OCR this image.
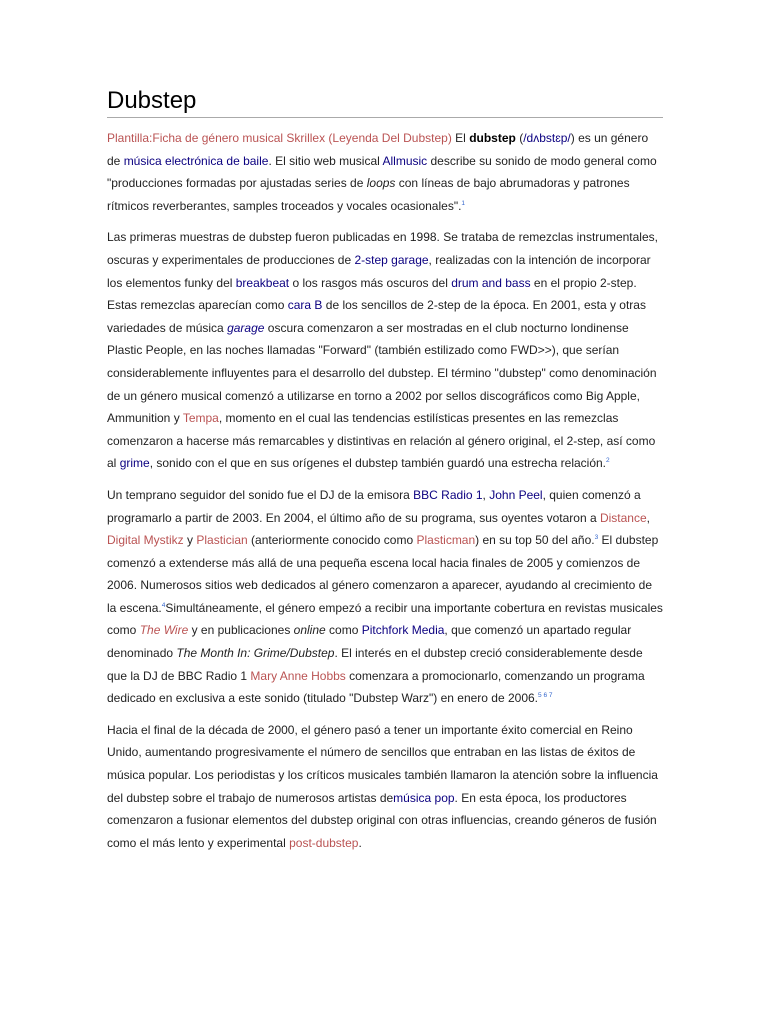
Dubstep

Plantilla:Ficha de género musical Skrillex (Leyenda Del Dubstep) El dubstep (/dʌbstɛp/) es un género de música electrónica de baile. El sitio web musical Allmusic describe su sonido de modo general como "producciones formadas por ajustadas series de loops con líneas de bajo abrumadoras y patrones rítmicos reverberantes, samples troceados y vocales ocasionales".$^1$

Las primeras muestras de dubstep fueron publicadas en 1998. Se trataba de remezclas instrumentales, oscuras y experimentales de producciones de 2-step garage, realizadas con la intención de incorporar los elementos funky del breakbeat o los rasgos más oscuros del drum and bass en el propio 2-step. Estas remezclas aparecían como cara B de los sencillos de 2-step de la época. En 2001, esta y otras variedades de música garage oscura comenzaron a ser mostradas en el club nocturno londinense Plastic People, en las noches llamadas "Forward" (también estilizado como FWD>>), que serían considerablemente influyentes para el desarrollo del dubstep. El término "dubstep" como denominación de un género musical comenzó a utilizarse en torno a 2002 por sellos discográficos como Big Apple, Ammunition y Tempa, momento en el cual las tendencias estilísticas presentes en las remezclas comenzaron a hacerse más remarcables y distintivas en relación al género original, el 2-step, así como al grime, sonido con el que en sus orígenes el dubstep también guardó una estrecha relación.$^2$

Un temprano seguidor del sonido fue el DJ de la emisora BBC Radio 1, John Peel, quien comenzó a programarlo a partir de 2003. En 2004, el último año de su programa, sus oyentes votaron a Distance, Digital Mystikz y Plastician (anteriormente conocido como Plasticman) en su top 50 del año.$^3$ El dubstep comenzó a extenderse más allá de una pequeña escena local hacia finales de 2005 y comienzos de 2006. Numerosos sitios web dedicados al género comenzaron a aparecer, ayudando al crecimiento de la escena.$^4$Simultáneamente, el género empezó a recibir una importante cobertura en revistas musicales como The Wire y en publicaciones online como Pitchfork Media, que comenzó un apartado regular denominado The Month In: Grime/Dubstep. El interés en el dubstep creció considerablemente desde que la DJ de BBC Radio 1 Mary Anne Hobbs comenzara a promocionarlo, comenzando un programa dedicado en exclusiva a este sonido (titulado "Dubstep Warz") en enero de 2006.$^5$ $^6$ $^7$

Hacia el final de la década de 2000, el género pasó a tener un importante éxito comercial en Reino Unido, aumentando progresivamente el número de sencillos que entraban en las listas de éxitos de música popular. Los periodistas y los críticos musicales también llamaron la atención sobre la influencia del dubstep sobre el trabajo de numerosos artistas demúsica pop. En esta época, los productores comenzaron a fusionar elementos del dubstep original con otras influencias, creando géneros de fusión como el más lento y experimental post-dubstep.
